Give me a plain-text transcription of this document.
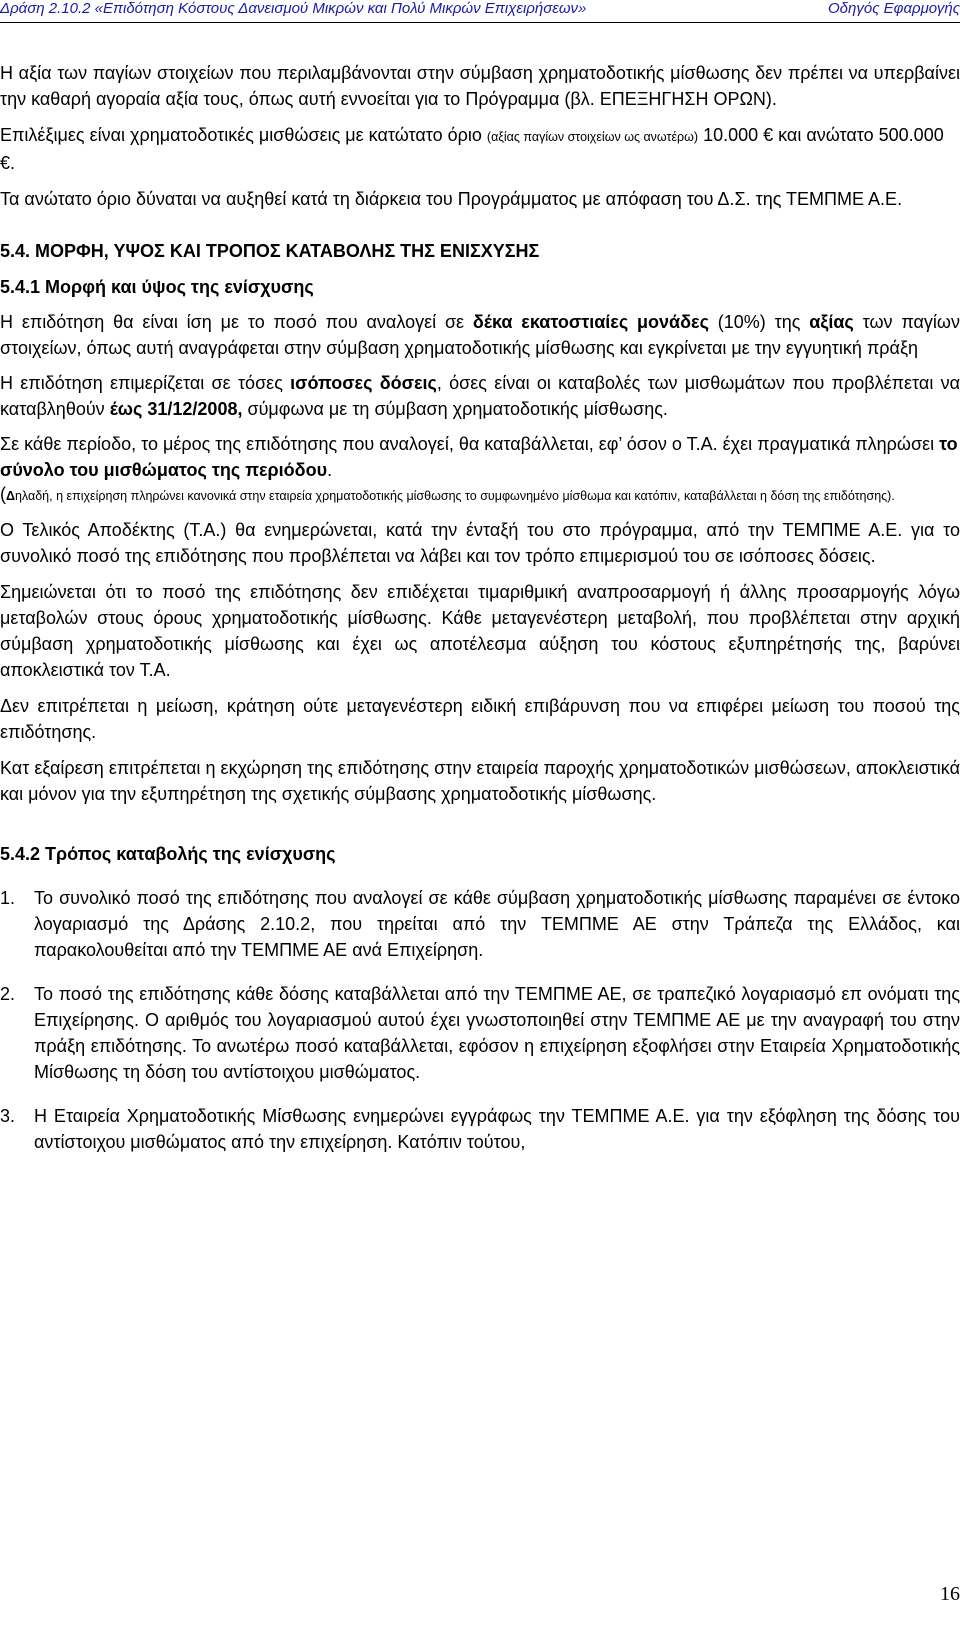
Δράση 2.10.2 «Επιδότηση Κόστους Δανεισμού Μικρών και Πολύ Μικρών Επιχειρήσεων»	Οδηγός Εφαρμογής

Η αξία των παγίων στοιχείων που περιλαμβάνονται στην σύμβαση χρηματοδοτικής μίσθωσης δεν πρέπει να υπερβαίνει την καθαρή αγοραία αξία τους, όπως αυτή εννοείται για το Πρόγραμμα (βλ. ΕΠΕΞΗΓΗΣΗ ΟΡΩΝ).

Επιλέξιμες είναι χρηματοδοτικές μισθώσεις με κατώτατο όριο (αξίας παγίων στοιχείων ως ανωτέρω) 10.000 € και ανώτατο 500.000 €.

Τα ανώτατο όριο δύναται να αυξηθεί κατά τη διάρκεια του Προγράμματος με απόφαση του Δ.Σ. της ΤΕΜΠΜΕ Α.Ε.

5.4. ΜΟΡΦΗ, ΥΨΟΣ ΚΑΙ ΤΡΟΠΟΣ ΚΑΤΑΒΟΛΗΣ ΤΗΣ ΕΝΙΣΧΥΣΗΣ

5.4.1 Μορφή και ύψος της ενίσχυσης

Η επιδότηση θα είναι ίση με το ποσό που αναλογεί σε δέκα εκατοστιαίες μονάδες (10%) της αξίας των παγίων στοιχείων, όπως αυτή αναγράφεται στην σύμβαση χρηματοδοτικής μίσθωσης και εγκρίνεται με την εγγυητική πράξη

Η επιδότηση επιμερίζεται σε τόσες ισόποσες δόσεις, όσες είναι οι καταβολές των μισθωμάτων που προβλέπεται να καταβληθούν έως 31/12/2008, σύμφωνα με τη σύμβαση χρηματοδοτικής μίσθωσης.

Σε κάθε περίοδο, το μέρος της επιδότησης που αναλογεί, θα καταβάλλεται, εφ’ όσον ο Τ.Α. έχει πραγματικά πληρώσει το σύνολο του μισθώματος της περιόδου.

(Δηλαδή, η επιχείρηση πληρώνει κανονικά στην εταιρεία χρηματοδοτικής μίσθωσης το συμφωνημένο μίσθωμα και κατόπιν, καταβάλλεται η δόση της επιδότησης).

Ο Τελικός Αποδέκτης (Τ.Α.) θα ενημερώνεται, κατά την ένταξή του στο πρόγραμμα, από την ΤΕΜΠΜΕ Α.Ε. για το συνολικό ποσό της επιδότησης που προβλέπεται να λάβει και τον τρόπο επιμερισμού του σε ισόποσες δόσεις.

Σημειώνεται ότι το ποσό της επιδότησης δεν επιδέχεται τιμαριθμική αναπροσαρμογή ή άλλης προσαρμογής λόγω μεταβολών στους όρους χρηματοδοτικής μίσθωσης. Κάθε μεταγενέστερη μεταβολή, που προβλέπεται στην αρχική σύμβαση χρηματοδοτικής μίσθωσης και έχει ως αποτέλεσμα αύξηση του κόστους εξυπηρέτησής της, βαρύνει αποκλειστικά τον Τ.Α.

Δεν επιτρέπεται η μείωση, κράτηση ούτε μεταγενέστερη ειδική επιβάρυνση που να επιφέρει μείωση του ποσού της επιδότησης.

Κατ εξαίρεση επιτρέπεται η εκχώρηση της επιδότησης στην εταιρεία παροχής χρηματοδοτικών μισθώσεων, αποκλειστικά και μόνον για την εξυπηρέτηση της σχετικής σύμβασης χρηματοδοτικής μίσθωσης.

5.4.2 Τρόπος καταβολής της ενίσχυσης

1.	Το συνολικό ποσό της επιδότησης που αναλογεί σε κάθε σύμβαση χρηματοδοτικής μίσθωσης παραμένει σε έντοκο λογαριασμό της Δράσης 2.10.2, που τηρείται από την ΤΕΜΠΜΕ ΑΕ στην Τράπεζα της Ελλάδος, και παρακολουθείται από την ΤΕΜΠΜΕ ΑΕ ανά Επιχείρηση.
2.	Το ποσό της επιδότησης κάθε δόσης καταβάλλεται από την ΤΕΜΠΜΕ ΑΕ, σε τραπεζικό λογαριασμό επ ονόματι της Επιχείρησης. Ο αριθμός του λογαριασμού αυτού έχει γνωστοποιηθεί στην ΤΕΜΠΜΕ ΑΕ με την αναγραφή του στην πράξη επιδότησης. Το ανωτέρω ποσό καταβάλλεται, εφόσον η επιχείρηση εξοφλήσει στην Εταιρεία Χρηματοδοτικής Μίσθωσης τη δόση του αντίστοιχου μισθώματος.
3.	Η Εταιρεία Χρηματοδοτικής Μίσθωσης ενημερώνει εγγράφως την ΤΕΜΠΜΕ Α.Ε. για την εξόφληση της δόσης του αντίστοιχου μισθώματος από την επιχείρηση. Κατόπιν τούτου,
16
